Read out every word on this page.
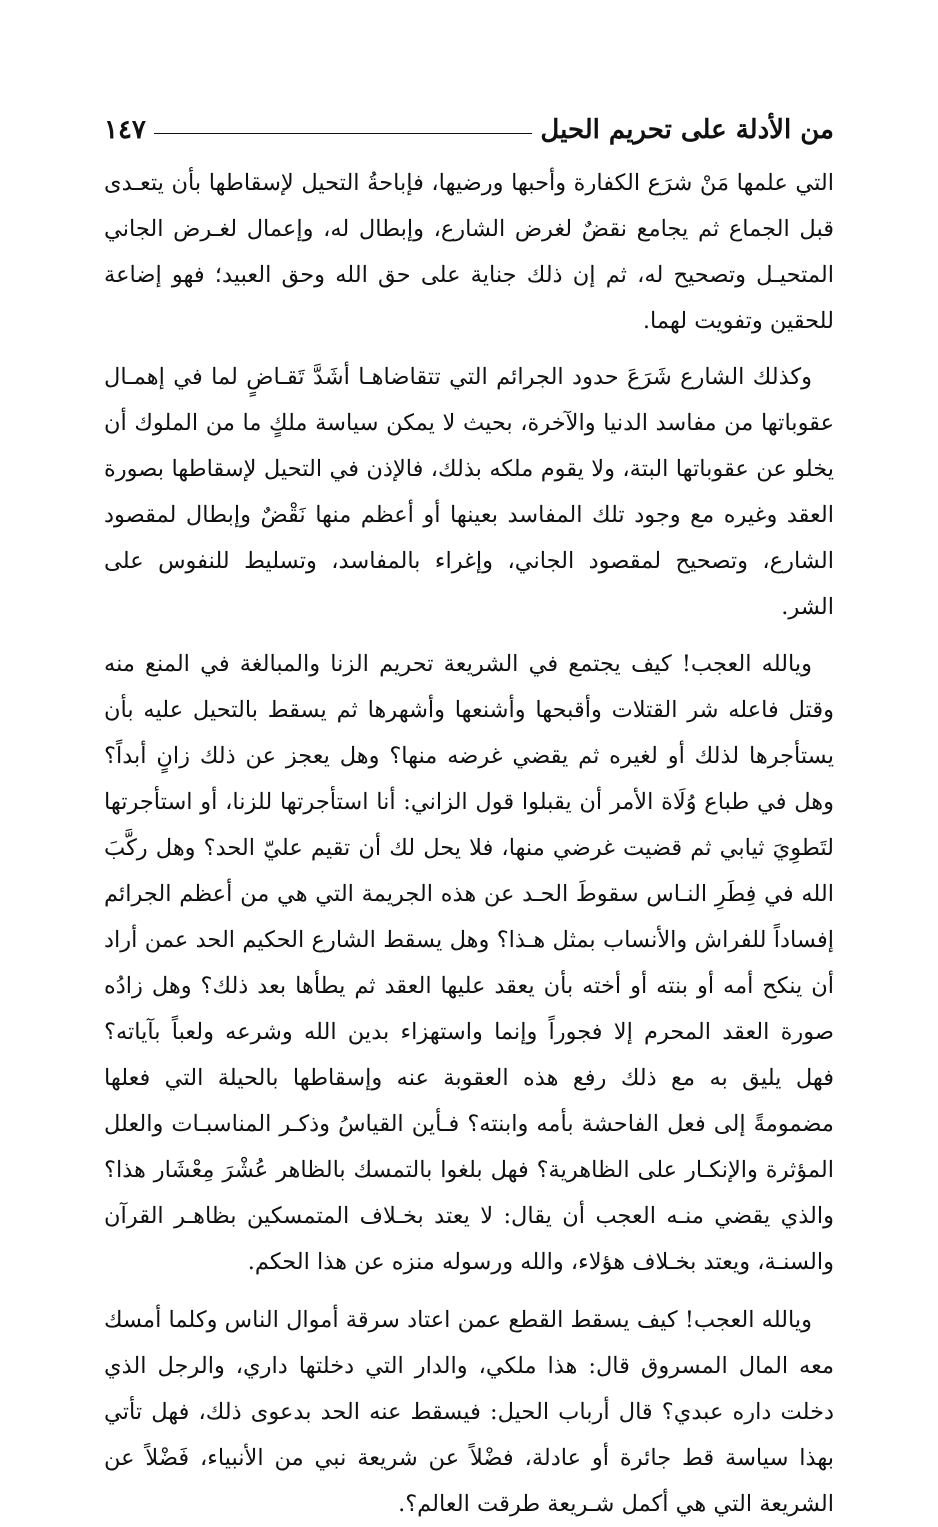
من الأدلة على تحريم الحيل
١٤٧

التي علمها مَنْ شرَع الكفارة وأحبها ورضيها، فإباحةُ التحيل لإسقاطها بأن يتعـدى قبل الجماع ثم يجامع نقضٌ لغرض الشارع، وإبطال له، وإعمال لغـرض الجاني المتحيـل وتصحيح له، ثم إن ذلك جناية على حق الله وحق العبيد؛ فهو إضاعة للحقين وتفويت لهما.

وكذلك الشارع شَرَعَ حدود الجرائم التي تتقاضاهـا أشَدَّ تَقـاضٍ لما في إهمـال عقوباتها من مفاسد الدنيا والآخرة، بحيث لا يمكن سياسة ملكٍ ما من الملوك أن يخلو عن عقوباتها البتة، ولا يقوم ملكه بذلك، فالإذن في التحيل لإسقاطها بصورة العقد وغيره مع وجود تلك المفاسد بعينها أو أعظم منها نَقْضٌ وإبطال لمقصود الشارع، وتصحيح لمقصود الجاني، وإغراء بالمفاسد، وتسليط للنفوس على الشر.

ويالله العجب! كيف يجتمع في الشريعة تحريم الزنا والمبالغة في المنع منه وقتل فاعله شر القتلات وأقبحها وأشنعها وأشهرها ثم يسقط بالتحيل عليه بأن يستأجرها لذلك أو لغيره ثم يقضي غرضه منها؟ وهل يعجز عن ذلك زانٍ أبداً؟ وهل في طباع وُلَاة الأمر أن يقبلوا قول الزاني: أنا استأجرتها للزنا، أو استأجرتها لتَطوِيَ ثيابي ثم قضيت غرضي منها، فلا يحل لك أن تقيم عليّ الحد؟ وهل ركَّبَ الله في فِطَرِ النـاس سقوطَ الحـد عن هذه الجريمة التي هي من أعظم الجرائم إفساداً للفراش والأنساب بمثل هـذا؟ وهل يسقط الشارع الحكيم الحد عمن أراد أن ينكح أمه أو بنته أو أخته بأن يعقد عليها العقد ثم يطأها بعد ذلك؟ وهل زادُه صورة العقد المحرم إلا فجوراً وإنما واستهزاء بدين الله وشرعه ولعباً بآياته؟ فهل يليق به مع ذلك رفع هذه العقوبة عنه وإسقاطها بالحيلة التي فعلها مضمومةً إلى فعل الفاحشة بأمه وابنته؟ فـأين القياسُ وذكـر المناسبـات والعلل المؤثرة والإنكـار على الظاهرية؟ فهل بلغوا بالتمسك بالظاهر عُشْرَ مِعْشَار هذا؟ والذي يقضي منـه العجب أن يقال: لا يعتد بخـلاف المتمسكين بظاهـر القرآن والسنـة، ويعتد بخـلاف هؤلاء، والله ورسوله منزه عن هذا الحكم.

ويالله العجب! كيف يسقط القطع عمن اعتاد سرقة أموال الناس وكلما أمسك معه المال المسروق قال: هذا ملكي، والدار التي دخلتها داري، والرجل الذي دخلت داره عبدي؟ قال أرباب الحيل: فيسقط عنه الحد بدعوى ذلك، فهل تأتي بهذا سياسة قط جائرة أو عادلة، فضْلاً عن شريعة نبي من الأنبياء، فَضْلاً عن الشريعة التي هي أكمل شـريعة طرقت العالم؟.
